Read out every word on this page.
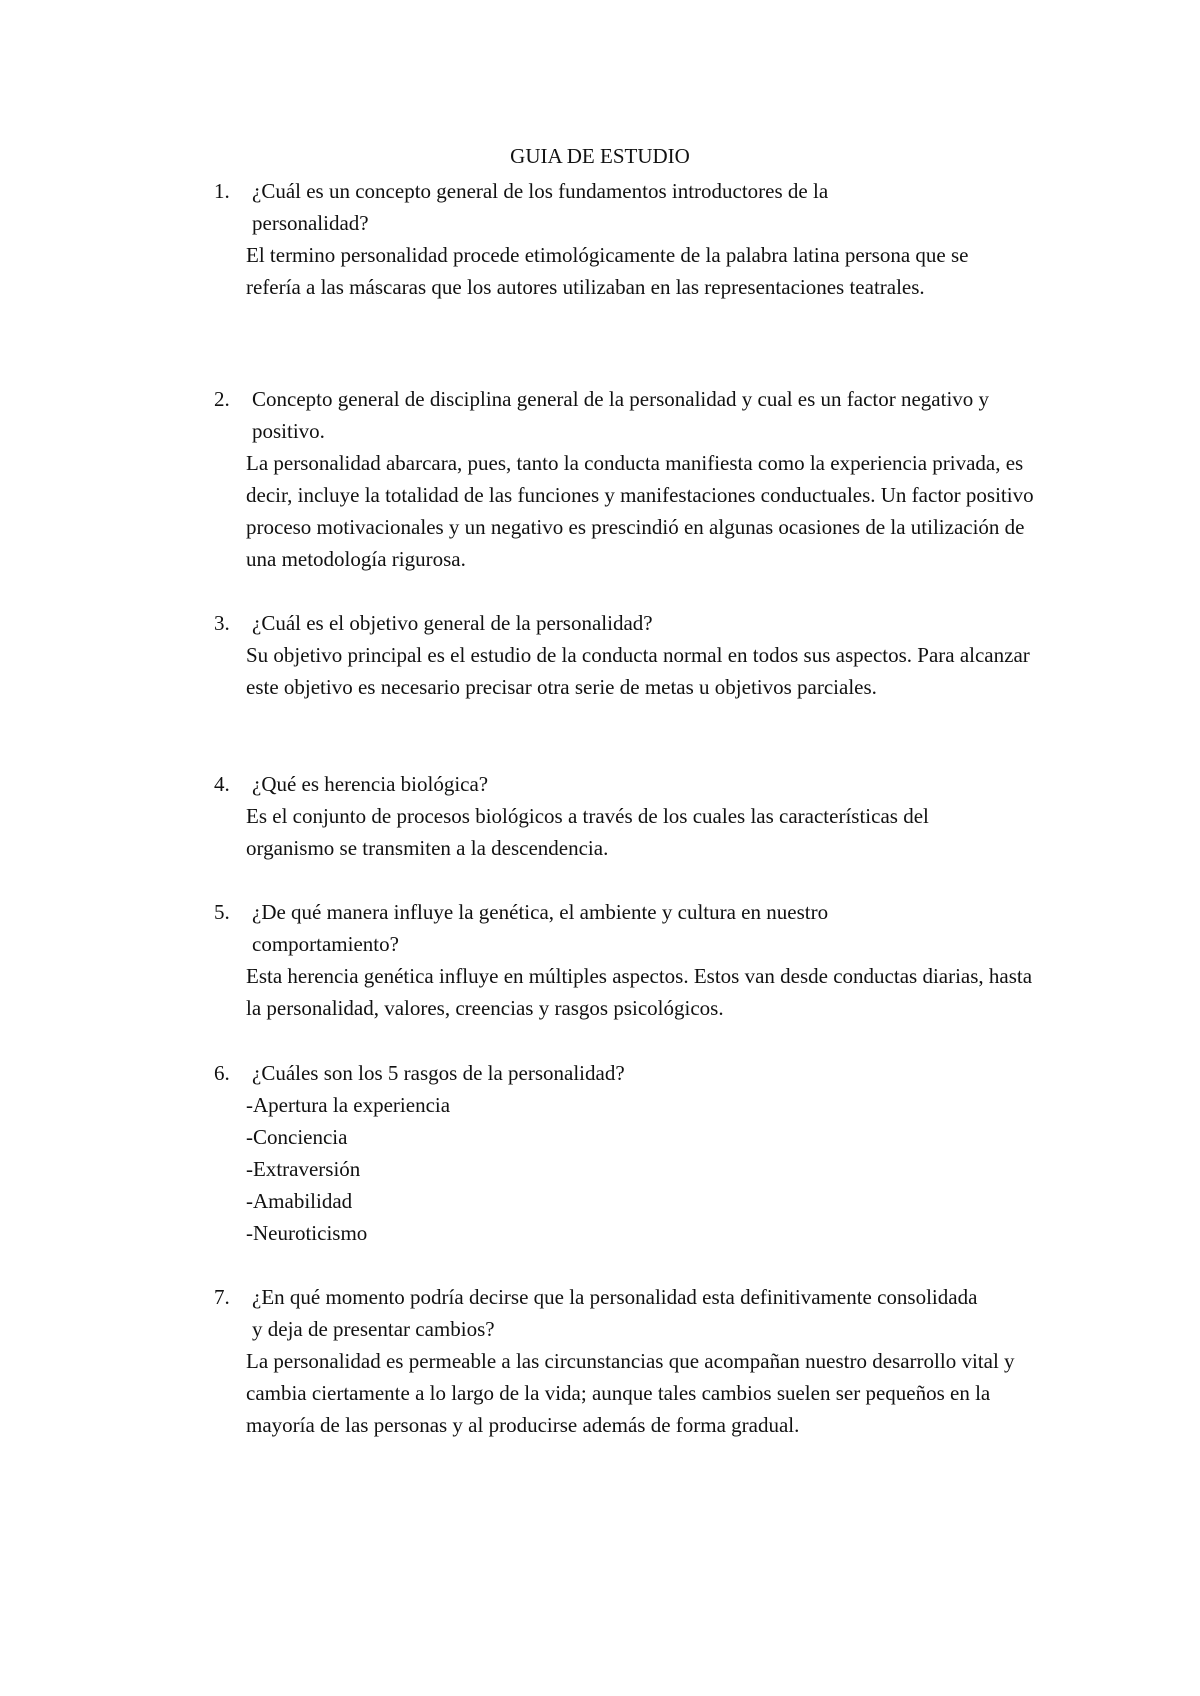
GUIA DE ESTUDIO
1. ¿Cuál es un concepto general de los fundamentos introductores de la personalidad?
El termino personalidad procede etimológicamente de la palabra latina persona que se refería a las máscaras que los autores utilizaban en las representaciones teatrales.
2. Concepto general de disciplina general de la personalidad y cual es un factor negativo y positivo.
La personalidad abarcara, pues, tanto la conducta manifiesta como la experiencia privada, es decir, incluye la totalidad de las funciones y manifestaciones conductuales. Un factor positivo proceso motivacionales y un negativo es prescindió en algunas ocasiones de la utilización de una metodología rigurosa.
3. ¿Cuál es el objetivo general de la personalidad?
Su objetivo principal es el estudio de la conducta normal en todos sus aspectos. Para alcanzar este objetivo es necesario precisar otra serie de metas u objetivos parciales.
4. ¿Qué es herencia biológica?
Es el conjunto de procesos biológicos a través de los cuales las características del organismo se transmiten a la descendencia.
5. ¿De qué manera influye la genética, el ambiente y cultura en nuestro comportamiento?
Esta herencia genética influye en múltiples aspectos. Estos van desde conductas diarias, hasta la personalidad, valores, creencias y rasgos psicológicos.
6. ¿Cuáles son los 5 rasgos de la personalidad?
-Apertura la experiencia
-Conciencia
-Extraversión
-Amabilidad
-Neuroticismo
7. ¿En qué momento podría decirse que la personalidad esta definitivamente consolidada y deja de presentar cambios?
La personalidad es permeable a las circunstancias que acompañan nuestro desarrollo vital y cambia ciertamente a lo largo de la vida; aunque tales cambios suelen ser pequeños en la mayoría de las personas y al producirse además de forma gradual.
